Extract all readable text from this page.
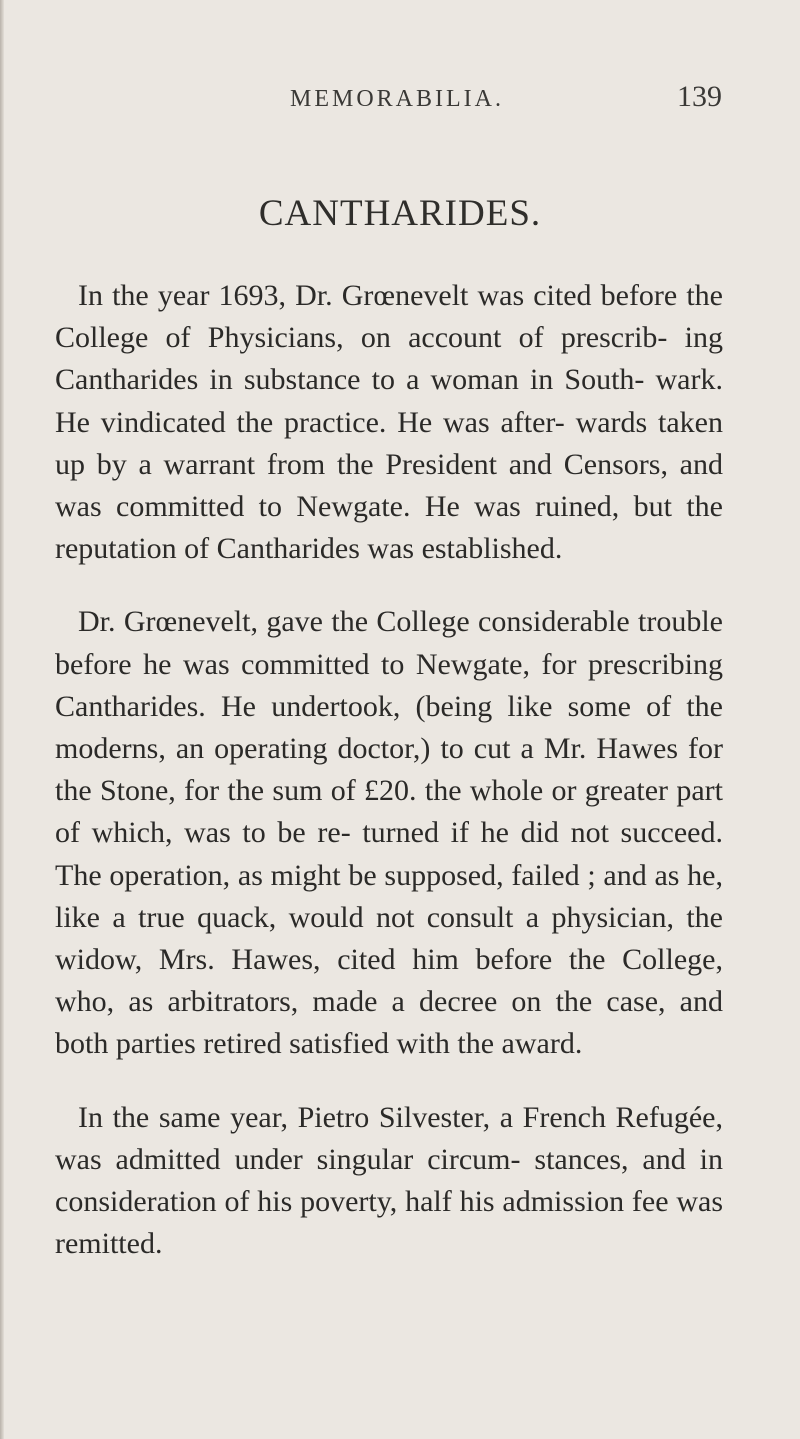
MEMORABILIA.	139
CANTHARIDES.

In the year 1693, Dr. Grœnevelt was cited before the College of Physicians, on account of prescrib- ing Cantharides in substance to a woman in South- wark. He vindicated the practice. He was after- wards taken up by a warrant from the President and Censors, and was committed to Newgate. He was ruined, but the reputation of Cantharides was established.

Dr. Grœnevelt, gave the College considerable trouble before he was committed to Newgate, for prescribing Cantharides. He undertook, (being like some of the moderns, an operating doctor,) to cut a Mr. Hawes for the Stone, for the sum of £20. the whole or greater part of which, was to be re- turned if he did not succeed. The operation, as might be supposed, failed ; and as he, like a true quack, would not consult a physician, the widow, Mrs. Hawes, cited him before the College, who, as arbitrators, made a decree on the case, and both parties retired satisfied with the award.

In the same year, Pietro Silvester, a French Refugée, was admitted under singular circum- stances, and in consideration of his poverty, half his admission fee was remitted.
